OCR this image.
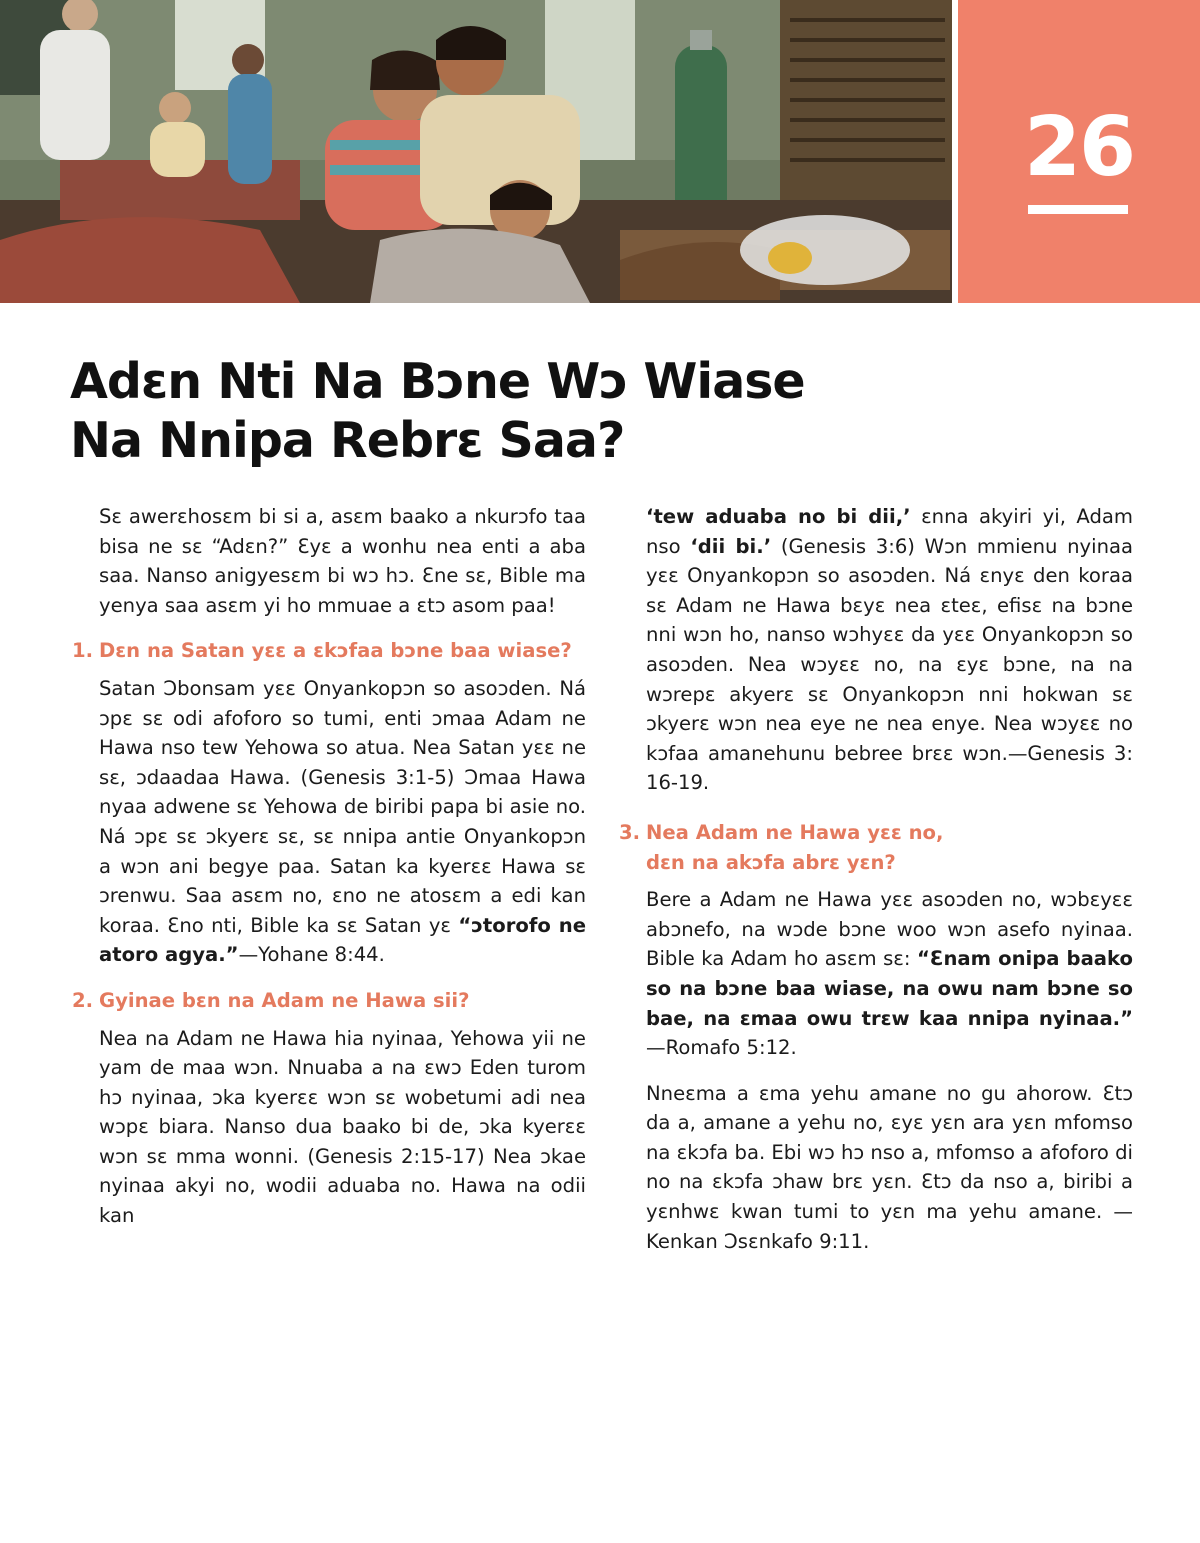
26
Adɛn Nti Na Bɔne Wɔ Wiase
Na Nnipa Rebrɛ Saa?

Sɛ awerɛhosɛm bi si a, asɛm baako a nkurɔfo taa bisa ne sɛ “Adɛn?” Ɛyɛ a wonhu nea enti a aba saa. Nanso anigyesɛm bi wɔ hɔ. Ɛne sɛ, Bible ma yenya saa asɛm yi ho mmuae a ɛtɔ asom paa!

1. Dɛn na Satan yɛɛ a ɛkɔfaa bɔne baa wiase?

Satan Ɔbonsam yɛɛ Onyankopɔn so asoɔden. Ná ɔpɛ sɛ odi afoforo so tumi, enti ɔmaa Adam ne Hawa nso tew Yehowa so atua. Nea Satan yɛɛ ne sɛ, ɔdaadaa Hawa. (Genesis 3:1-5) Ɔmaa Hawa nyaa adwene sɛ Yehowa de biribi papa bi asie no. Ná ɔpɛ sɛ ɔkyerɛ sɛ, sɛ nnipa antie Onyankopɔn a wɔn ani begye paa. Satan ka kyerɛɛ Hawa sɛ ɔrenwu. Saa asɛm no, ɛno ne atosɛm a edi kan koraa. Ɛno nti, Bible ka sɛ Satan yɛ “ɔtorofo ne atoro agya.”—Yohane 8:44.

2. Gyinae bɛn na Adam ne Hawa sii?

Nea na Adam ne Hawa hia nyinaa, Yehowa yii ne yam de maa wɔn. Nnuaba a na ɛwɔ Eden turom hɔ nyinaa, ɔka kyerɛɛ wɔn sɛ wobetumi adi nea wɔpɛ biara. Nanso dua baako bi de, ɔka kyerɛɛ wɔn sɛ mma wonni. (Genesis 2:15-17) Nea ɔkae nyinaa akyi no, wodii aduaba no. Hawa na odii kan

‘tew aduaba no bi dii,’ ɛnna akyiri yi, Adam nso ‘dii bi.’ (Genesis 3:6) Wɔn mmienu nyinaa yɛɛ Onyankopɔn so asoɔden. Ná ɛnyɛ den koraa sɛ Adam ne Hawa bɛyɛ nea ɛteɛ, efisɛ na bɔne nni wɔn ho, nanso wɔhyɛɛ da yɛɛ Onyankopɔn so asoɔden. Nea wɔyɛɛ no, na ɛyɛ bɔne, na na wɔrepɛ akyerɛ sɛ Onyankopɔn nni hokwan sɛ ɔkyerɛ wɔn nea eye ne nea enye. Nea wɔyɛɛ no kɔfaa amanehunu bebree brɛɛ wɔn.—Genesis 3: 16-19.

3. Nea Adam ne Hawa yɛɛ no,
dɛn na akɔfa abrɛ yɛn?

Bere a Adam ne Hawa yɛɛ asoɔden no, wɔbɛyɛɛ abɔnefo, na wɔde bɔne woo wɔn asefo nyinaa. Bible ka Adam ho asɛm sɛ: “Ɛnam onipa baako so na bɔne baa wiase, na owu nam bɔne so bae, na ɛmaa owu trɛw kaa nnipa nyinaa.” —Romafo 5:12.

Nneɛma a ɛma yehu amane no gu ahorow. Ɛtɔ da a, amane a yehu no, ɛyɛ yɛn ara yɛn mfomso na ɛkɔfa ba. Ebi wɔ hɔ nso a, mfomso a afoforo di no na ɛkɔfa ɔhaw brɛ yɛn. Ɛtɔ da nso a, biribi a yɛnhwɛ kwan tumi to yɛn ma yehu amane. —Kenkan Ɔsɛnkafo 9:11.
